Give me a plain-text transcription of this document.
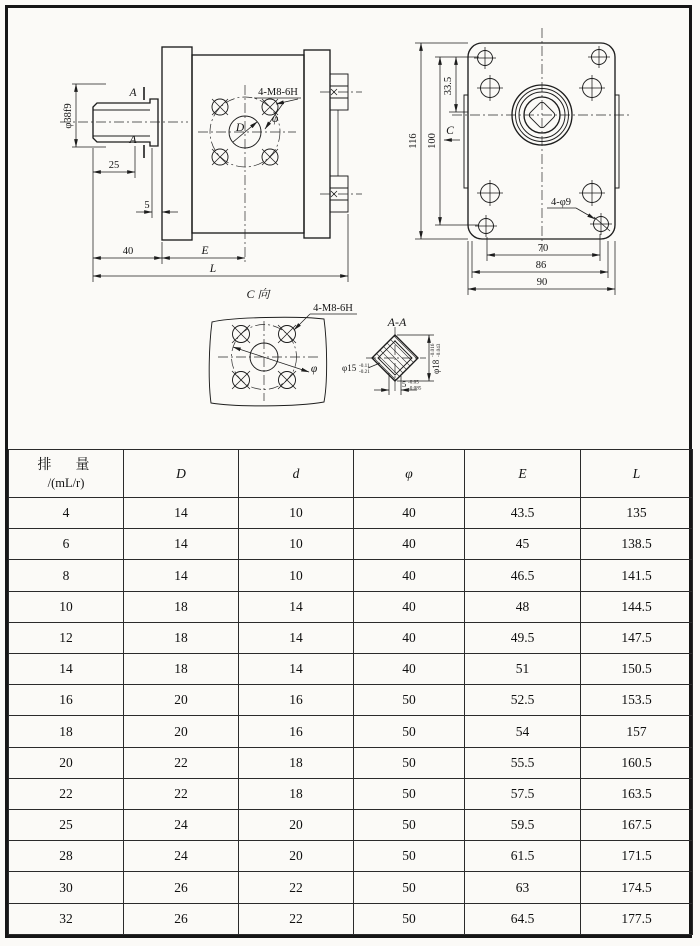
A
A
D
φ
4-M8-6H
φ38f9
25
5
40	E
L
116 100
33.5
C
4-φ9
70
86
90
C 向
φ
4-M8-6H
A-A
φ18
-0.016 -0.043
φ15 -0.11
-0.21
5 -0.05
-0.085
排　量
/(mL/r)	D	d	φ	E	L
4	14	10	40	43.5	135
6	14	10	40	45	138.5
8	14	10	40	46.5	141.5
10	18	14	40	48	144.5
12	18	14	40	49.5	147.5
14	18	14	40	51	150.5
16	20	16	50	52.5	153.5
18	20	16	50	54	157
20	22	18	50	55.5	160.5
22	22	18	50	57.5	163.5
25	24	20	50	59.5	167.5
28	24	20	50	61.5	171.5
30	26	22	50	63	174.5
32	26	22	50	64.5	177.5
